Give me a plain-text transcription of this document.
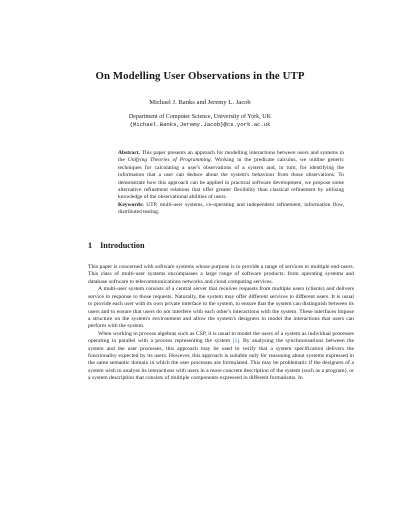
On Modelling User Observations in the UTP
Michael J. Banks and Jeremy L. Jacob
Department of Computer Science, University of York, UK
{Michael.Banks,Jeremy.Jacob}@cs.york.ac.uk

Abstract. This paper presents an approach for modelling interactions between users and systems in the Unifying Theories of Programming. Working in the predicate calculus, we outline generic techniques for calculating a user's observations of a system and, in turn, for identifying the information that a user can deduce about the system's behaviour from those observations. To demonstrate how this approach can be applied in practical software development, we propose some alternative refinement relations that offer greater flexibility than classical refinement by utilising knowledge of the observational abilities of users.

Keywords: UTP, multi-user systems, co-operating and independent refinement, information flow, distributed testing.

1 Introduction

This paper is concerned with software systems whose purpose is to provide a range of services to multiple end-users. This class of multi-user systems encompasses a large range of software products: from operating systems and database software to telecommunications networks and cloud computing services.

A multi-user system consists of a central server that receives requests from multiple users (clients) and delivers service in response to those requests. Naturally, the system may offer different services to different users. It is usual to provide each user with its own private interface to the system, to ensure that the system can distinguish between its users and to ensure that users do not interfere with each other's interactions with the system. These interfaces impose a structure on the system's environment and allow the system's designers to model the interactions that users can perform with the system.

When working in process algebras such as CSP, it is usual to model the users of a system as individual processes operating in parallel with a process representing the system [1]. By analysing the synchronisations between the system and the user processes, this approach may be used to verify that a system specification delivers the functionality expected by its users. However, this approach is suitable only for reasoning about systems expressed in the same semantic domain in which the user processes are formulated. This may be problematic if the designers of a system wish to analyse its interactions with users in a more concrete description of the system (such as a program), or a system description that consists of multiple components expressed in different formalisms. In
